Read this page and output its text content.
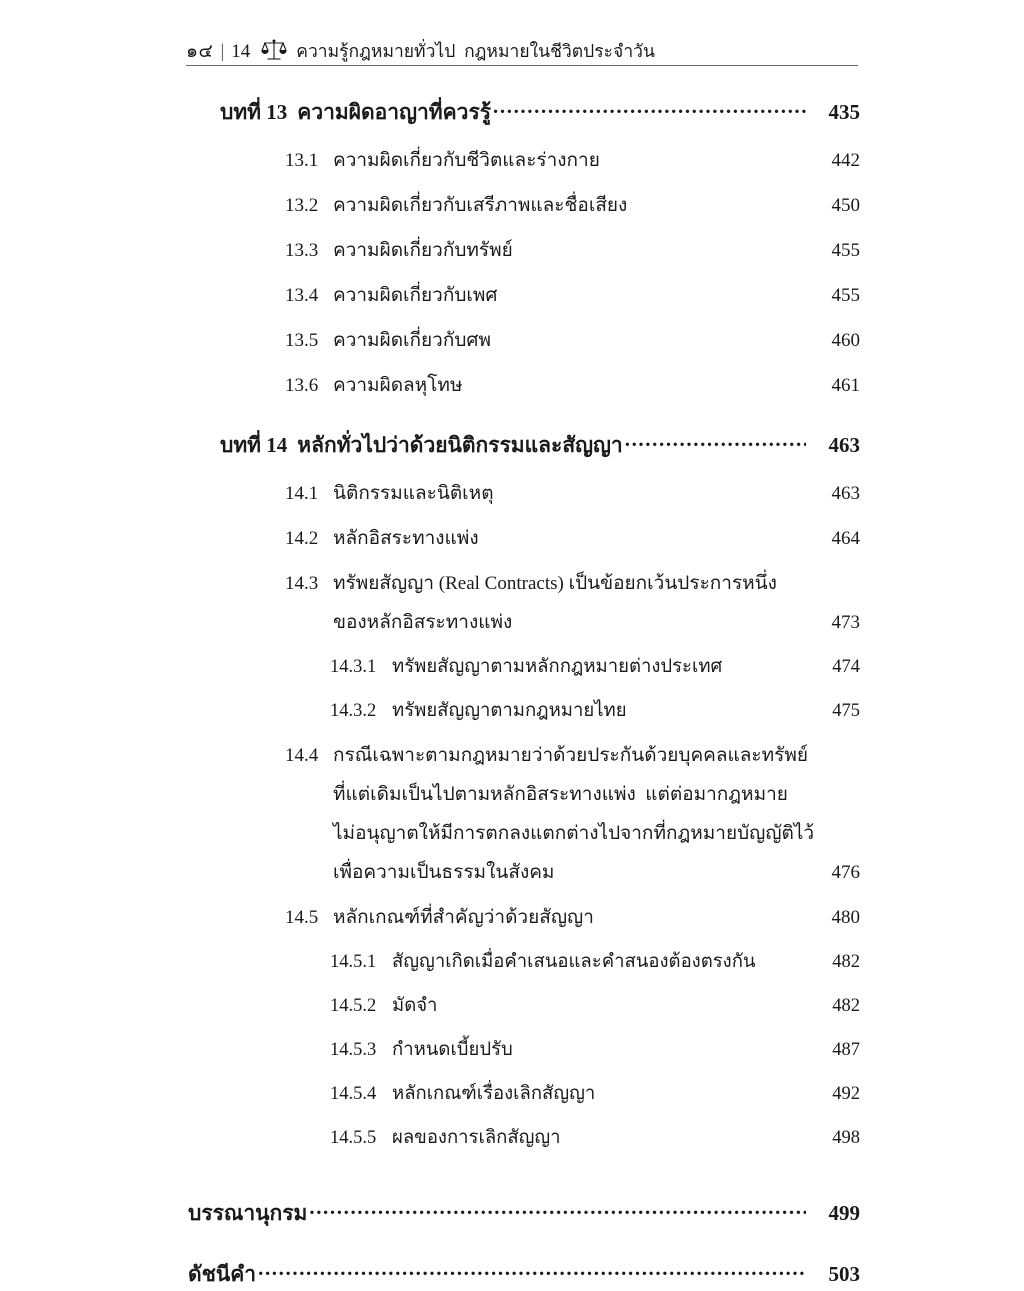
๑๔ | 14	ความรู้กฎหมายทั่วไป  กฎหมายในชีวิตประจำวัน
บทที่ 13 ความผิดอาญาที่ควรรู้ .....	435
13.1 ความผิดเกี่ยวกับชีวิตและร่างกาย	442
13.2 ความผิดเกี่ยวกับเสรีภาพและชื่อเสียง	450
13.3 ความผิดเกี่ยวกับทรัพย์	455
13.4 ความผิดเกี่ยวกับเพศ	455
13.5 ความผิดเกี่ยวกับศพ	460
13.6 ความผิดลหุโทษ	461
บทที่ 14 หลักทั่วไปว่าด้วยนิติกรรมและสัญญา .....	463
14.1 นิติกรรมและนิติเหตุ	463
14.2 หลักอิสระทางแพ่ง	464
14.3 ทรัพยสัญญา (Real Contracts) เป็นข้อยกเว้นประการหนึ่ง
ของหลักอิสระทางแพ่ง	473
14.3.1 ทรัพยสัญญาตามหลักกฎหมายต่างประเทศ	474
14.3.2 ทรัพยสัญญาตามกฎหมายไทย	475
14.4 กรณีเฉพาะตามกฎหมายว่าด้วยประกันด้วยบุคคลและทรัพย์
ที่แต่เดิมเป็นไปตามหลักอิสระทางแพ่ง  แต่ต่อมากฎหมาย
ไม่อนุญาตให้มีการตกลงแตกต่างไปจากที่กฎหมายบัญญัติไว้
เพื่อความเป็นธรรมในสังคม	476
14.5 หลักเกณฑ์ที่สำคัญว่าด้วยสัญญา	480
14.5.1 สัญญาเกิดเมื่อคำเสนอและคำสนองต้องตรงกัน	482
14.5.2 มัดจำ	482
14.5.3 กำหนดเบี้ยปรับ	487
14.5.4 หลักเกณฑ์เรื่องเลิกสัญญา	492
14.5.5 ผลของการเลิกสัญญา	498
บรรณานุกรม .....	499
ดัชนีคำ .....	503
